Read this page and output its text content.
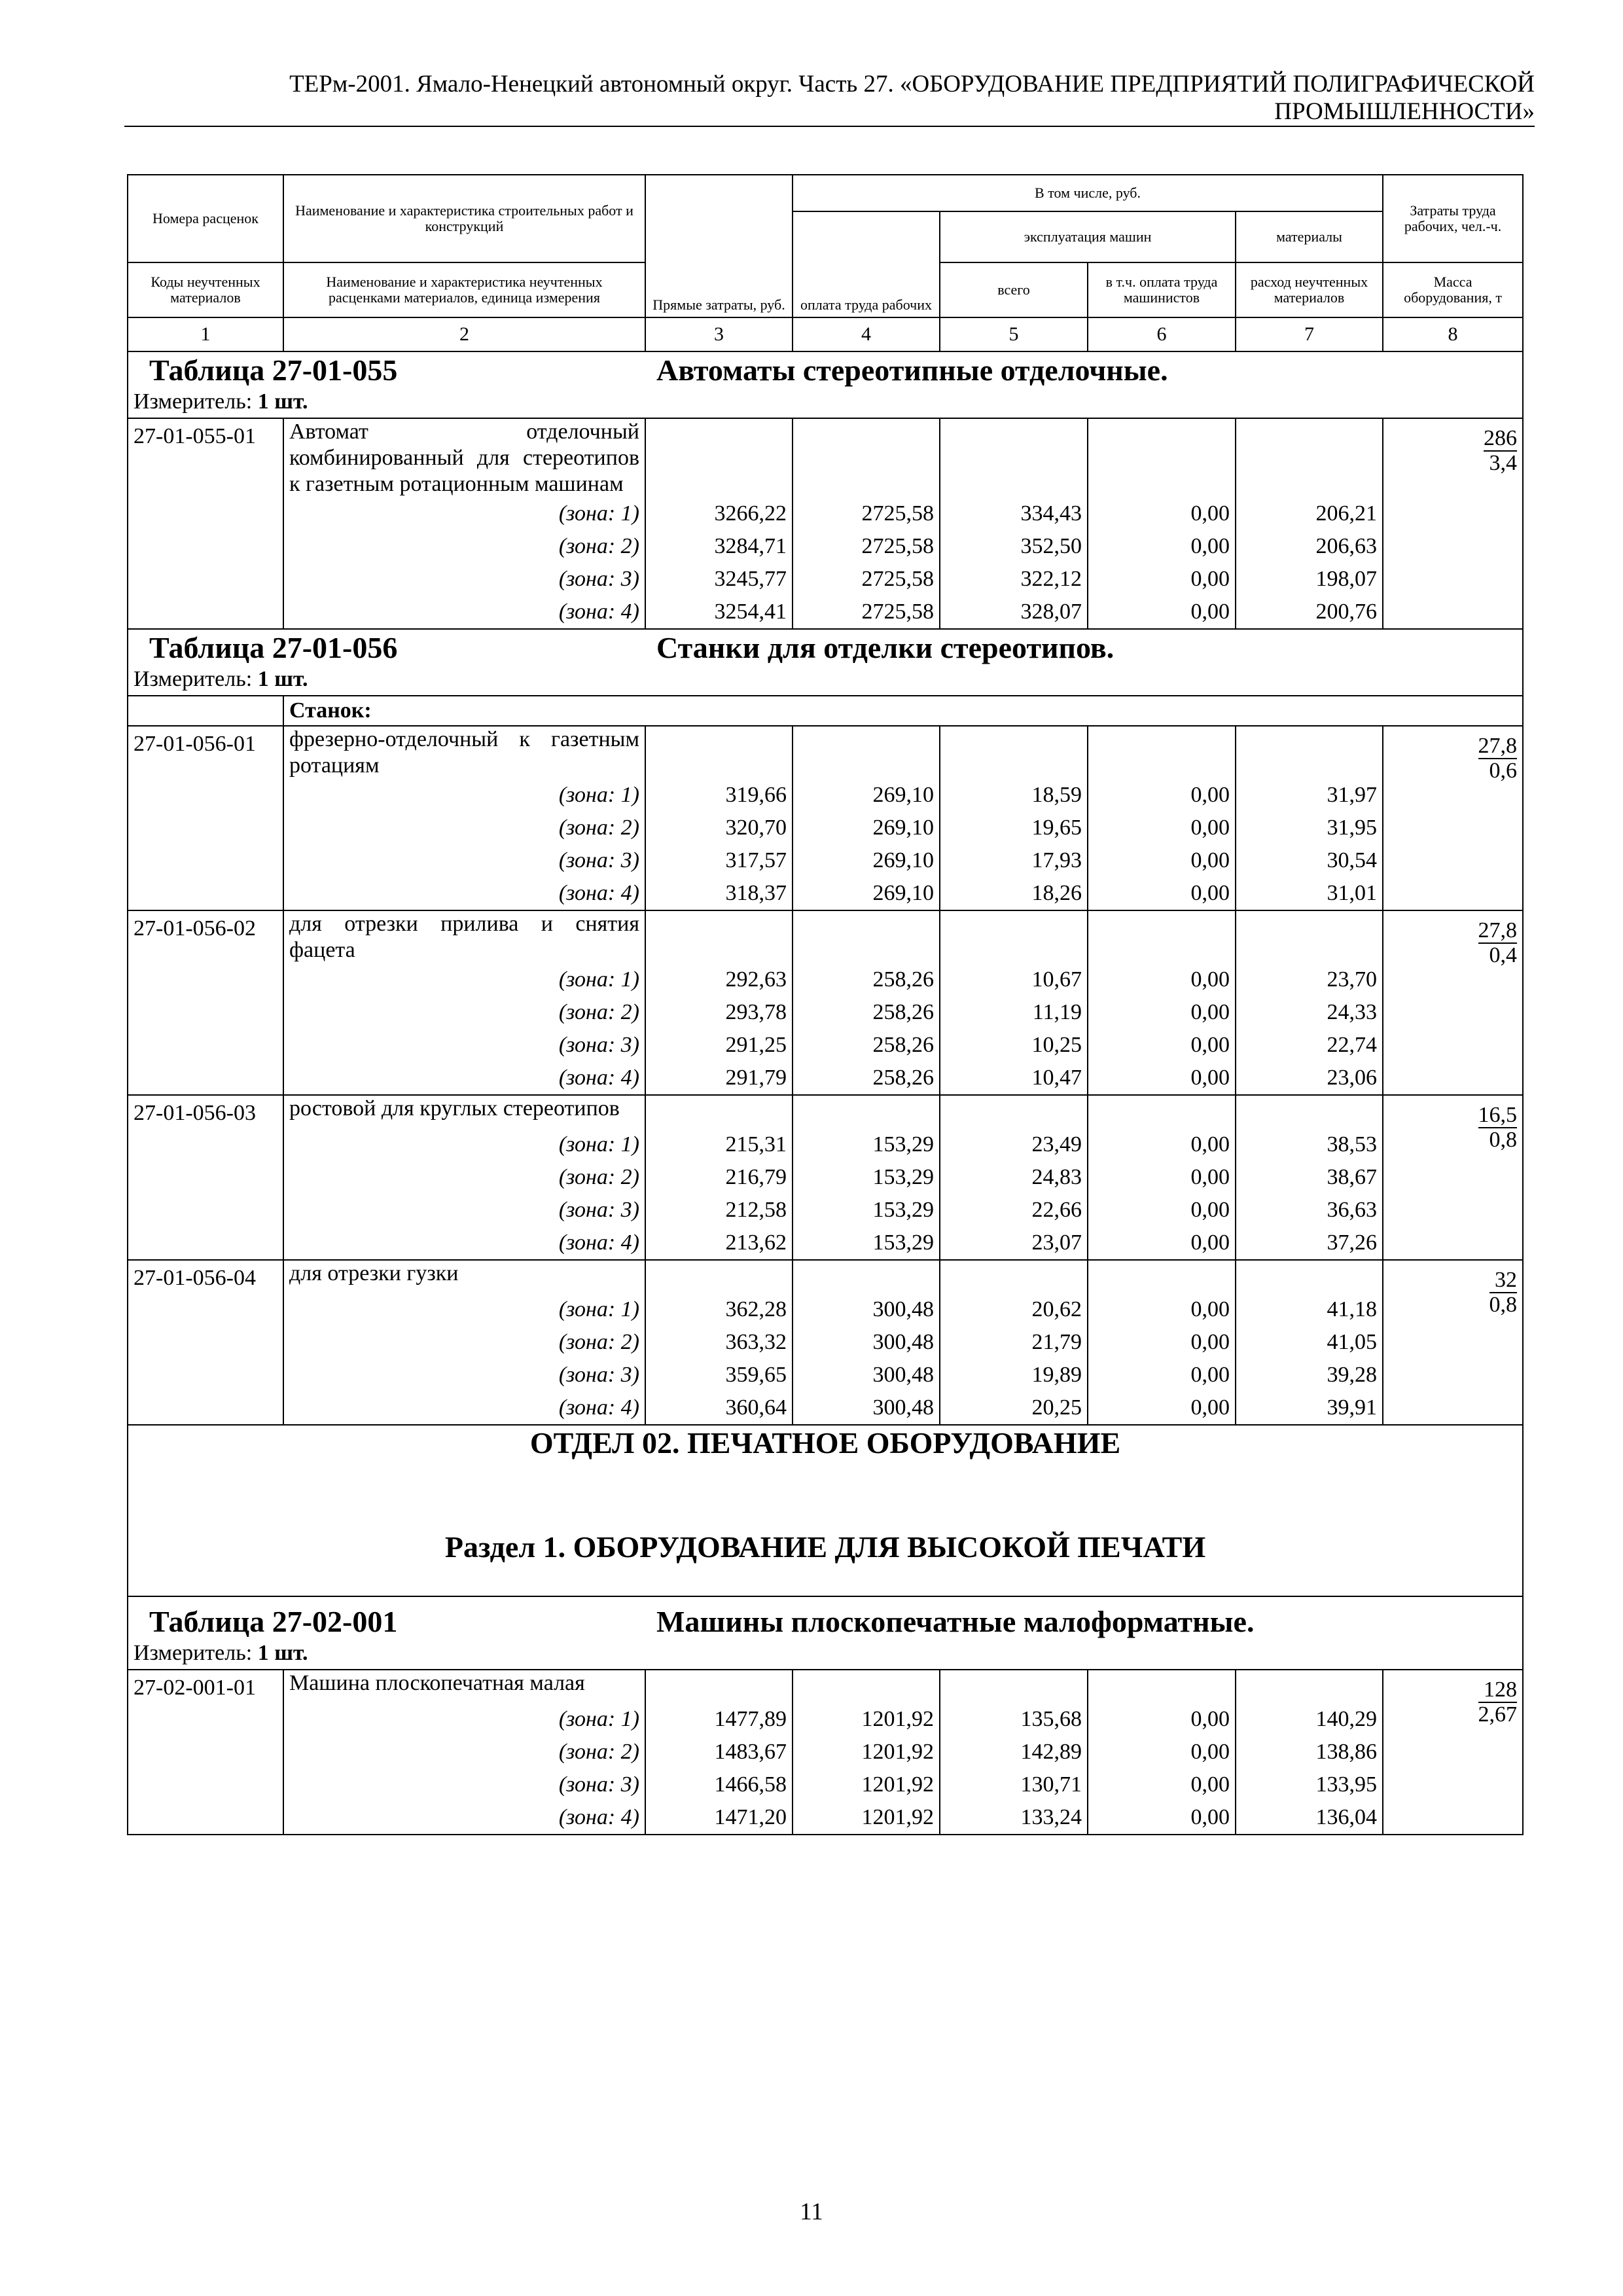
ТЕРм-2001. Ямало-Ненецкий автономный округ. Часть 27. «ОБОРУДОВАНИЕ ПРЕДПРИЯТИЙ ПОЛИГРАФИЧЕСКОЙ
ПРОМЫШЛЕННОСТИ»
Номера расценок	Наименование и характеристика строительных работ и конструкций	Прямые затраты, руб.	В том числе, руб.				Затраты труда рабочих, чел.-ч.
			оплата труда рабочих	эксплуатация машин		материалы	
Коды неучтенных материалов	Наименование и характеристика неучтенных расценками материалов, единица измерения			всего	в т.ч. оплата труда машинистов	расход неучтенных материалов	Масса оборудования, т
1	2	3	4	5	6	7	8
Таблица 27-01-055 Автоматы стереотипные отделочные.							
Измеритель: 1 шт.							
27-01-055-01	Автомат отделочный комбинированный для стереотипов к газетным ротационным машинам						$\frac{286}{3,4}$
	(зона: 1)	3266,22	2725,58	334,43	0,00	206,21	
	(зона: 2)	3284,71	2725,58	352,50	0,00	206,63	
	(зона: 3)	3245,77	2725,58	322,12	0,00	198,07	
	(зона: 4)	3254,41	2725,58	328,07	0,00	200,76	
Таблица 27-01-056 Станки для отделки стереотипов.							
Измеритель: 1 шт.							
	Станок:						
27-01-056-01	фрезерно-отделочный к газетным ротациям						$\frac{27,8}{0,6}$
	(зона: 1)	319,66	269,10	18,59	0,00	31,97	
	(зона: 2)	320,70	269,10	19,65	0,00	31,95	
	(зона: 3)	317,57	269,10	17,93	0,00	30,54	
	(зона: 4)	318,37	269,10	18,26	0,00	31,01	
27-01-056-02	для отрезки прилива и снятия фацета						$\frac{27,8}{0,4}$
	(зона: 1)	292,63	258,26	10,67	0,00	23,70	
	(зона: 2)	293,78	258,26	11,19	0,00	24,33	
	(зона: 3)	291,25	258,26	10,25	0,00	22,74	
	(зона: 4)	291,79	258,26	10,47	0,00	23,06	
27-01-056-03	ростовой для круглых стереотипов						$\frac{16,5}{0,8}$
	(зона: 1)	215,31	153,29	23,49	0,00	38,53	
	(зона: 2)	216,79	153,29	24,83	0,00	38,67	
	(зона: 3)	212,58	153,29	22,66	0,00	36,63	
	(зона: 4)	213,62	153,29	23,07	0,00	37,26	
27-01-056-04	для отрезки гузки						$\frac{32}{0,8}$
	(зона: 1)	362,28	300,48	20,62	0,00	41,18	
	(зона: 2)	363,32	300,48	21,79	0,00	41,05	
	(зона: 3)	359,65	300,48	19,89	0,00	39,28	
	(зона: 4)	360,64	300,48	20,25	0,00	39,91	

ОТДЕЛ 02. ПЕЧАТНОЕ ОБОРУДОВАНИЕ							
Раздел 1. ОБОРУДОВАНИЕ ДЛЯ ВЫСОКОЙ ПЕЧАТИ							
Таблица 27-02-001 Машины плоскопечатные малоформатные.							
Измеритель: 1 шт.							
27-02-001-01	Машина плоскопечатная малая						$\frac{128}{2,67}$
	(зона: 1)	1477,89	1201,92	135,68	0,00	140,29	
	(зона: 2)	1483,67	1201,92	142,89	0,00	138,86	
	(зона: 3)	1466,58	1201,92	130,71	0,00	133,95	
	(зона: 4)	1471,20	1201,92	133,24	0,00	136,04	
11
